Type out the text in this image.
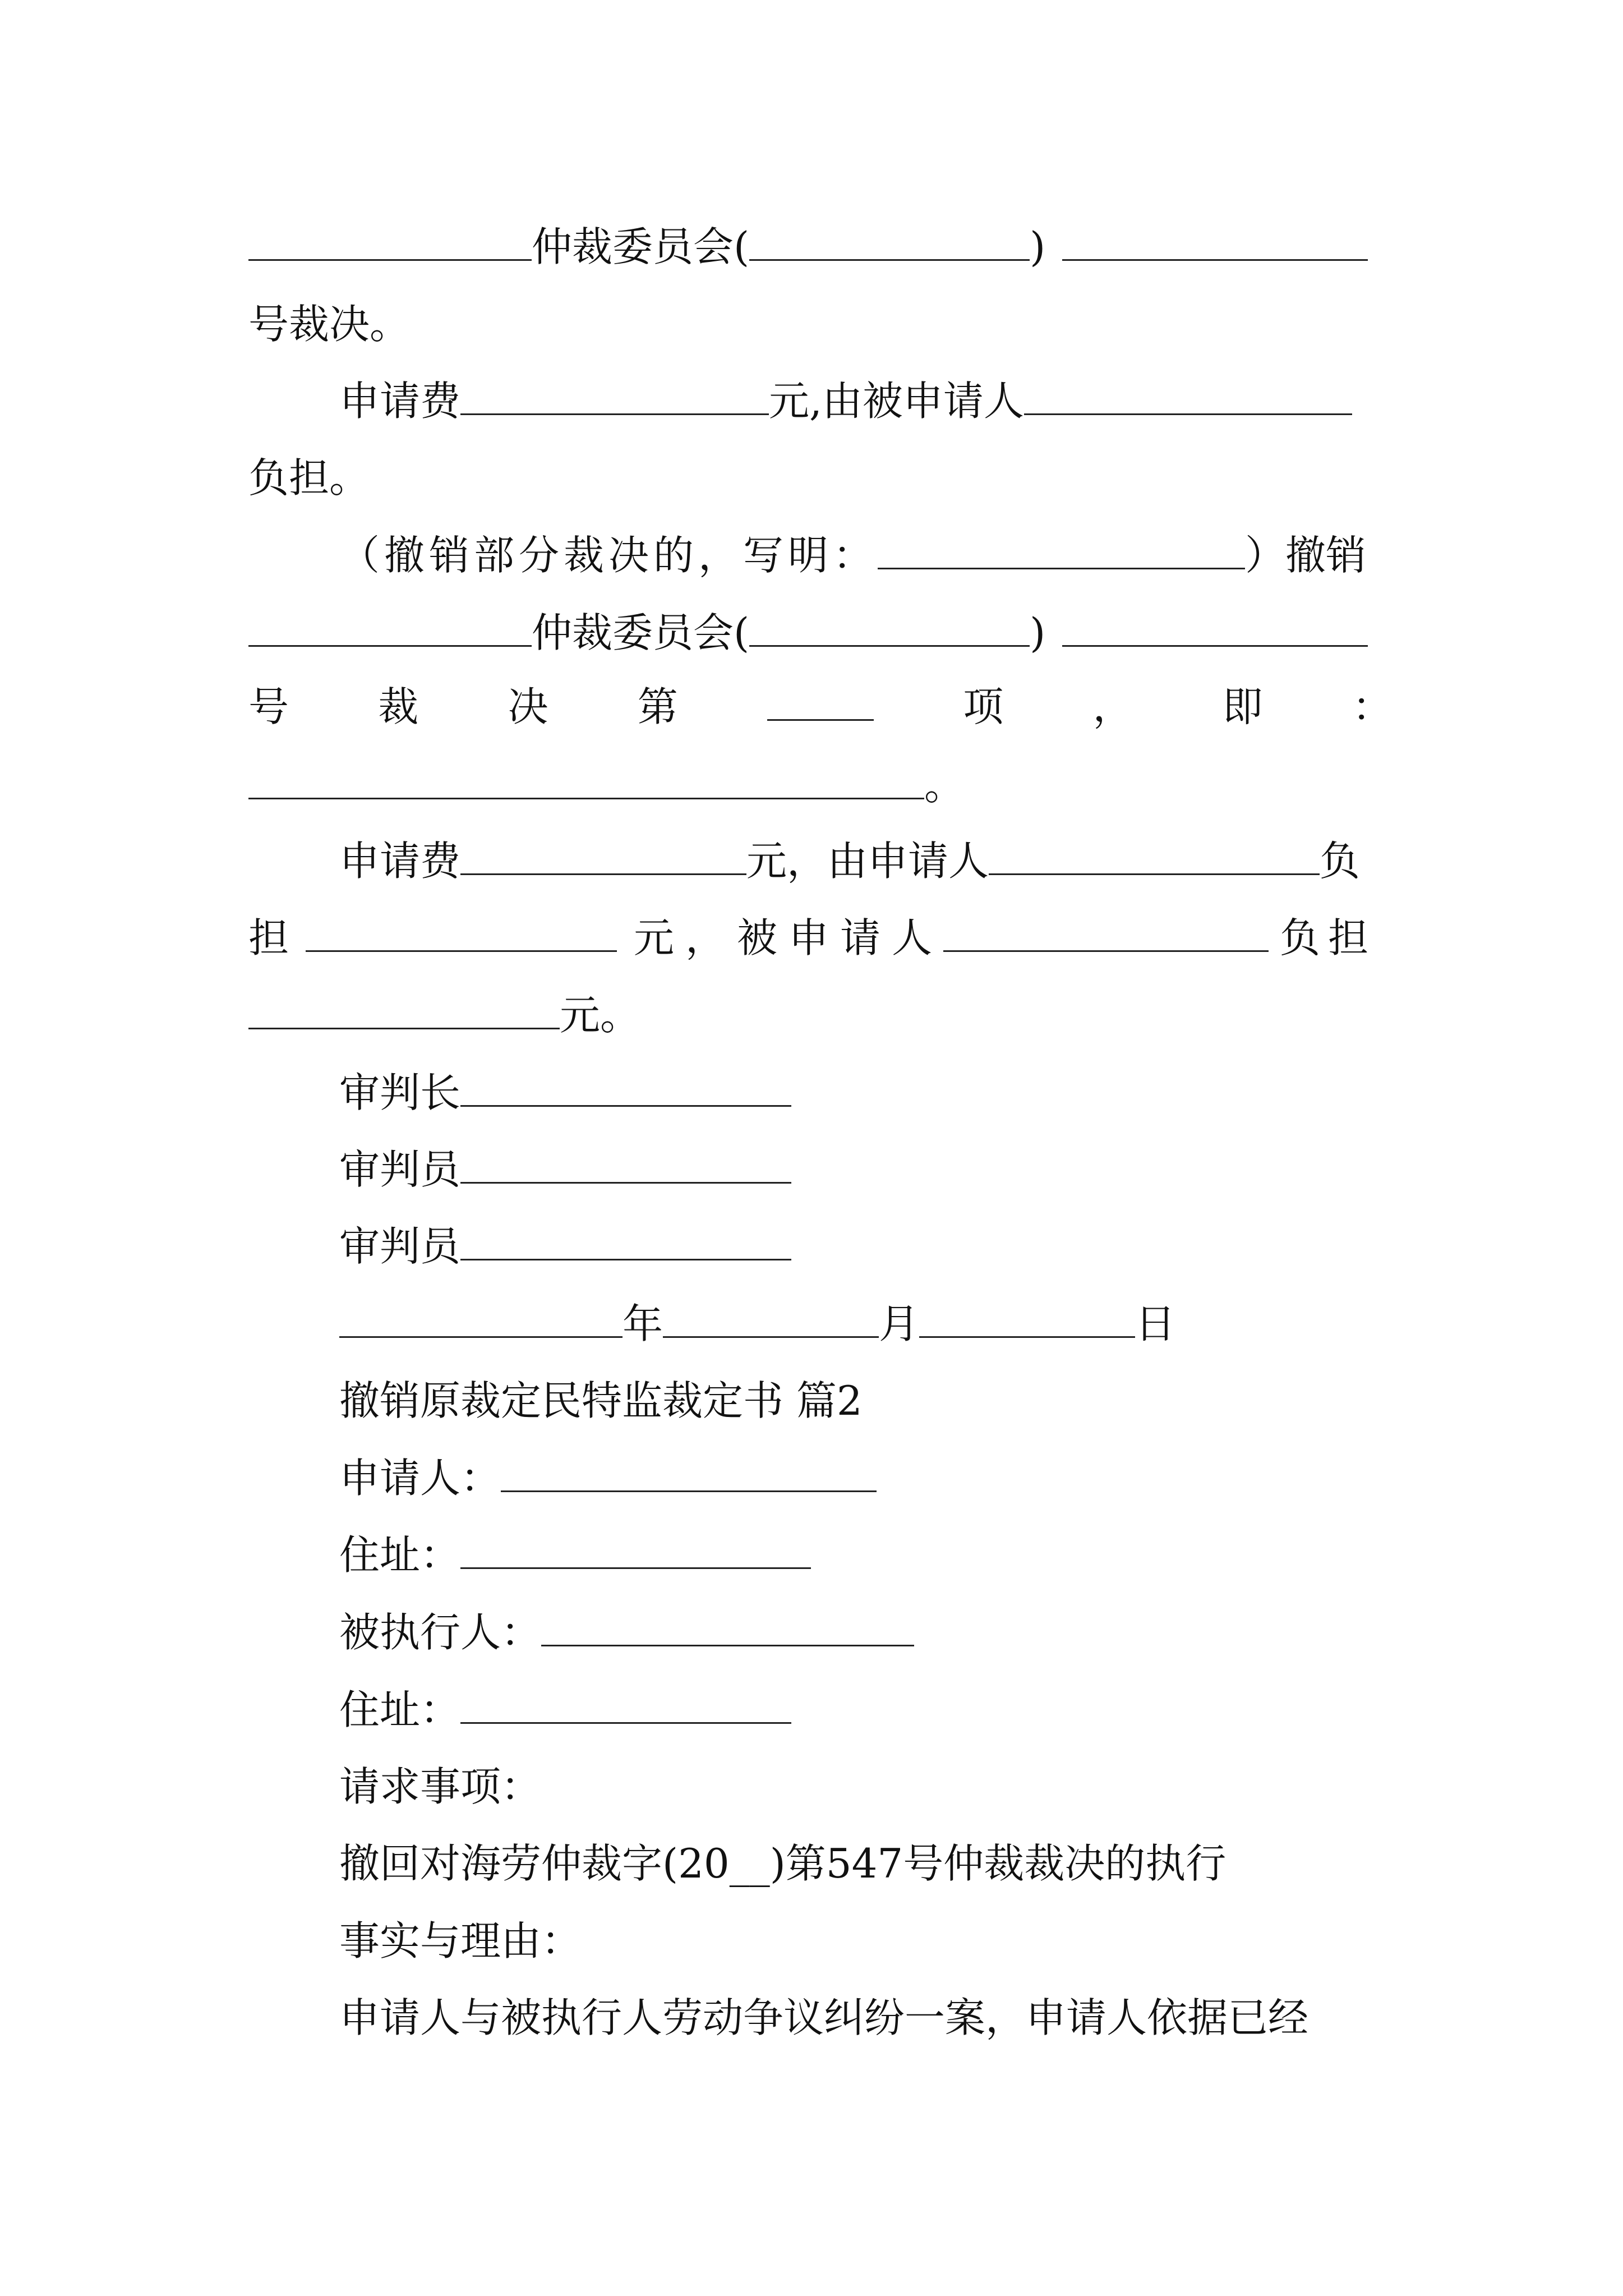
仲裁委员会(	)
号裁决。
申请费	元,由被申请人
负担。
（撤销部分裁决的，写明：	）撤销
仲裁委员会(	)
号 裁 决 第	项 ， 即 ：
。
申请费	元，由申请人	负
担	元，被申请人	负担
元。
审判长
审判员
审判员
年	月	日
撤销原裁定民特监裁定书 篇2
申请人：
住址：
被执行人：
住址：
请求事项：
撤回对海劳仲裁字(20__)第547号仲裁裁决的执行
事实与理由：
申请人与被执行人劳动争议纠纷一案，申请人依据已经
